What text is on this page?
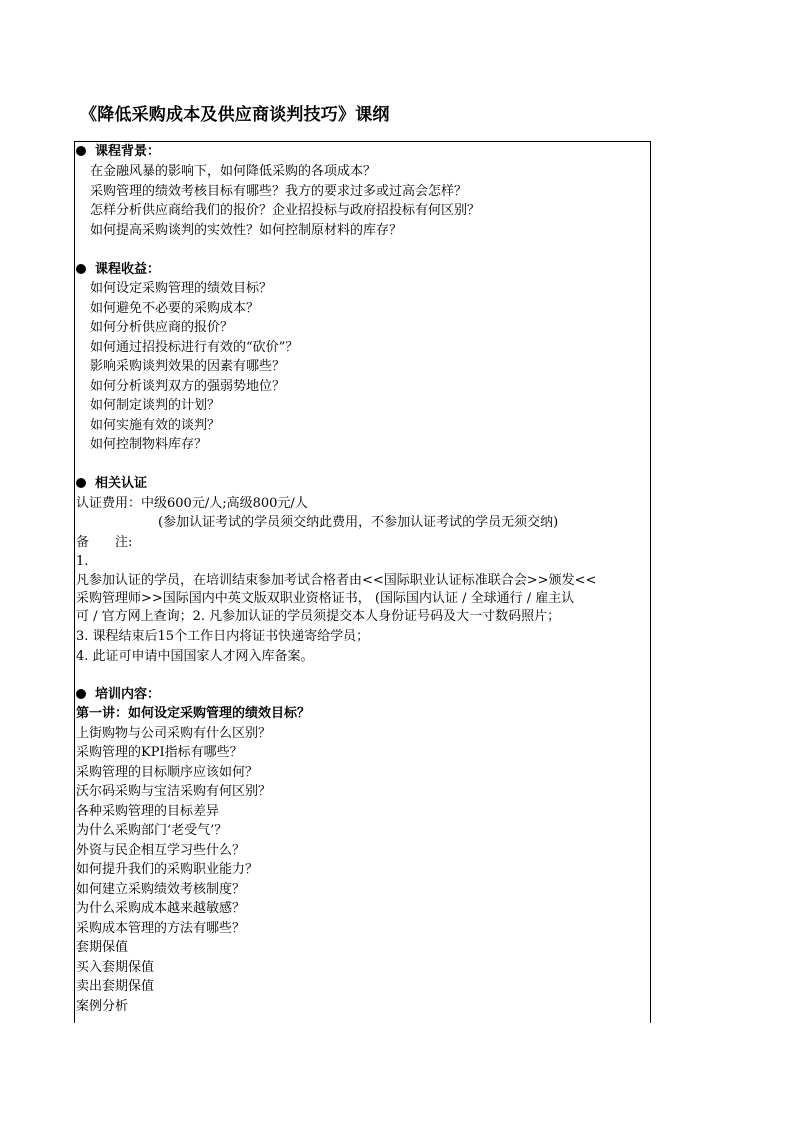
《降低采购成本及供应商谈判技巧》课纲
课程背景：
在金融风暴的影响下，如何降低采购的各项成本？
采购管理的绩效考核目标有哪些？我方的要求过多或过高会怎样？
怎样分析供应商给我们的报价？企业招投标与政府招投标有何区别？
如何提高采购谈判的实效性？如何控制原材料的库存？
课程收益：
如何设定采购管理的绩效目标？
如何避免不必要的采购成本？
如何分析供应商的报价？
如何通过招投标进行有效的“砍价”？
影响采购谈判效果的因素有哪些？
如何分析谈判双方的强弱势地位？
如何制定谈判的计划？
如何实施有效的谈判？
如何控制物料库存？
相关认证
认证费用：中级600元/人;高级800元/人
(参加认证考试的学员须交纳此费用，不参加认证考试的学员无须交纳)
备　　注:
1.
凡参加认证的学员，在培训结束参加考试合格者由<<国际职业认证标准联合会>>颁发<<
采购管理师>>国际国内中英文版双职业资格证书， (国际国内认证 / 全球通行 / 雇主认
可 / 官方网上查询；2. 凡参加认证的学员须提交本人身份证号码及大一寸数码照片；
3. 课程结束后15个工作日内将证书快递寄给学员；
4. 此证可申请中国国家人才网入库备案。
培训内容：
第一讲：如何设定采购管理的绩效目标？
上街购物与公司采购有什么区别？
采购管理的KPI指标有哪些？
采购管理的目标顺序应该如何？
沃尔码采购与宝洁采购有何区别？
各种采购管理的目标差异
为什么采购部门‘老受气’？
外资与民企相互学习些什么？
如何提升我们的采购职业能力？
如何建立采购绩效考核制度？
为什么采购成本越来越敏感？
采购成本管理的方法有哪些？
套期保值
买入套期保值
卖出套期保值
案例分析
